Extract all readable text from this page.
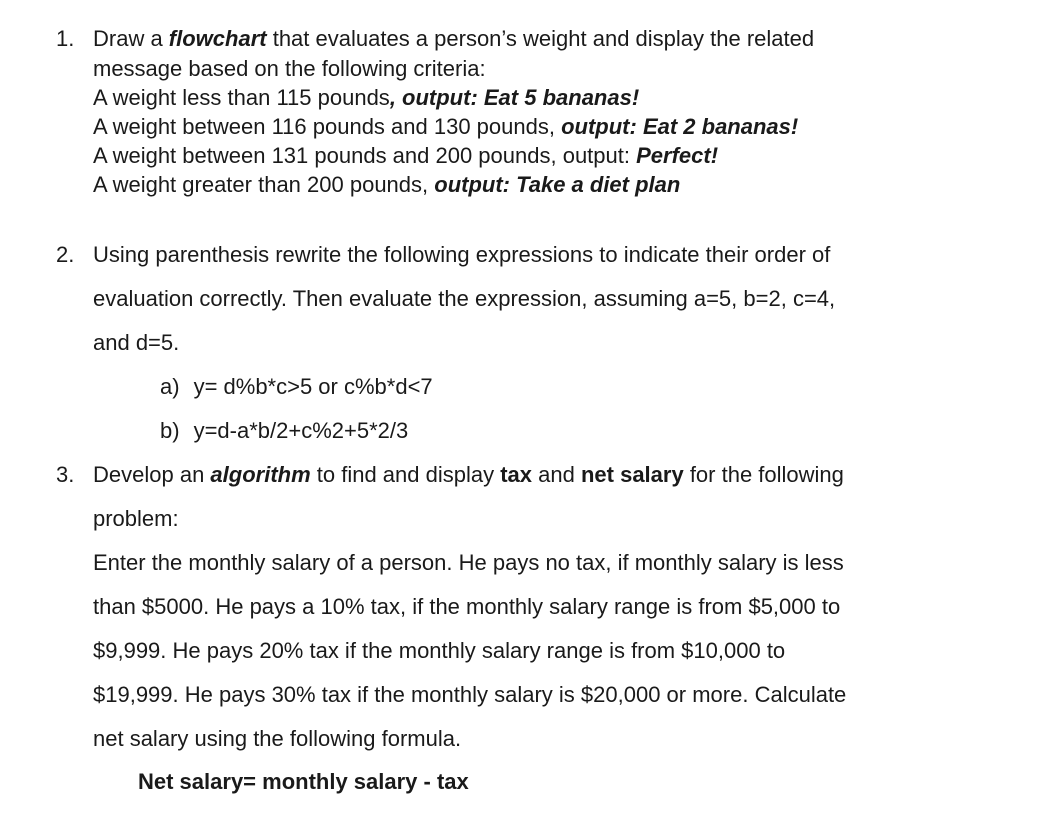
1. Draw a flowchart that evaluates a person’s weight and display the related
message based on the following criteria:
A weight less than 115 pounds, output: Eat 5 bananas!
A weight between 116 pounds and 130 pounds, output: Eat 2 bananas!
A weight between 131 pounds and 200 pounds, output: Perfect!
A weight greater than 200 pounds, output: Take a diet plan
2. Using parenthesis rewrite the following expressions to indicate their order of
evaluation correctly. Then evaluate the expression, assuming a=5, b=2, c=4,
and d=5.
a) y= d%b*c>5 or c%b*d<7
b) y=d-a*b/2+c%2+5*2/3
3. Develop an algorithm to find and display tax and net salary for the following
problem:
Enter the monthly salary of a person. He pays no tax, if monthly salary is less
than $5000. He pays a 10% tax, if the monthly salary range is from $5,000 to
$9,999. He pays 20% tax if the monthly salary range is from $10,000 to
$19,999. He pays 30% tax if the monthly salary is $20,000 or more. Calculate
net salary using the following formula.
Net salary= monthly salary - tax
